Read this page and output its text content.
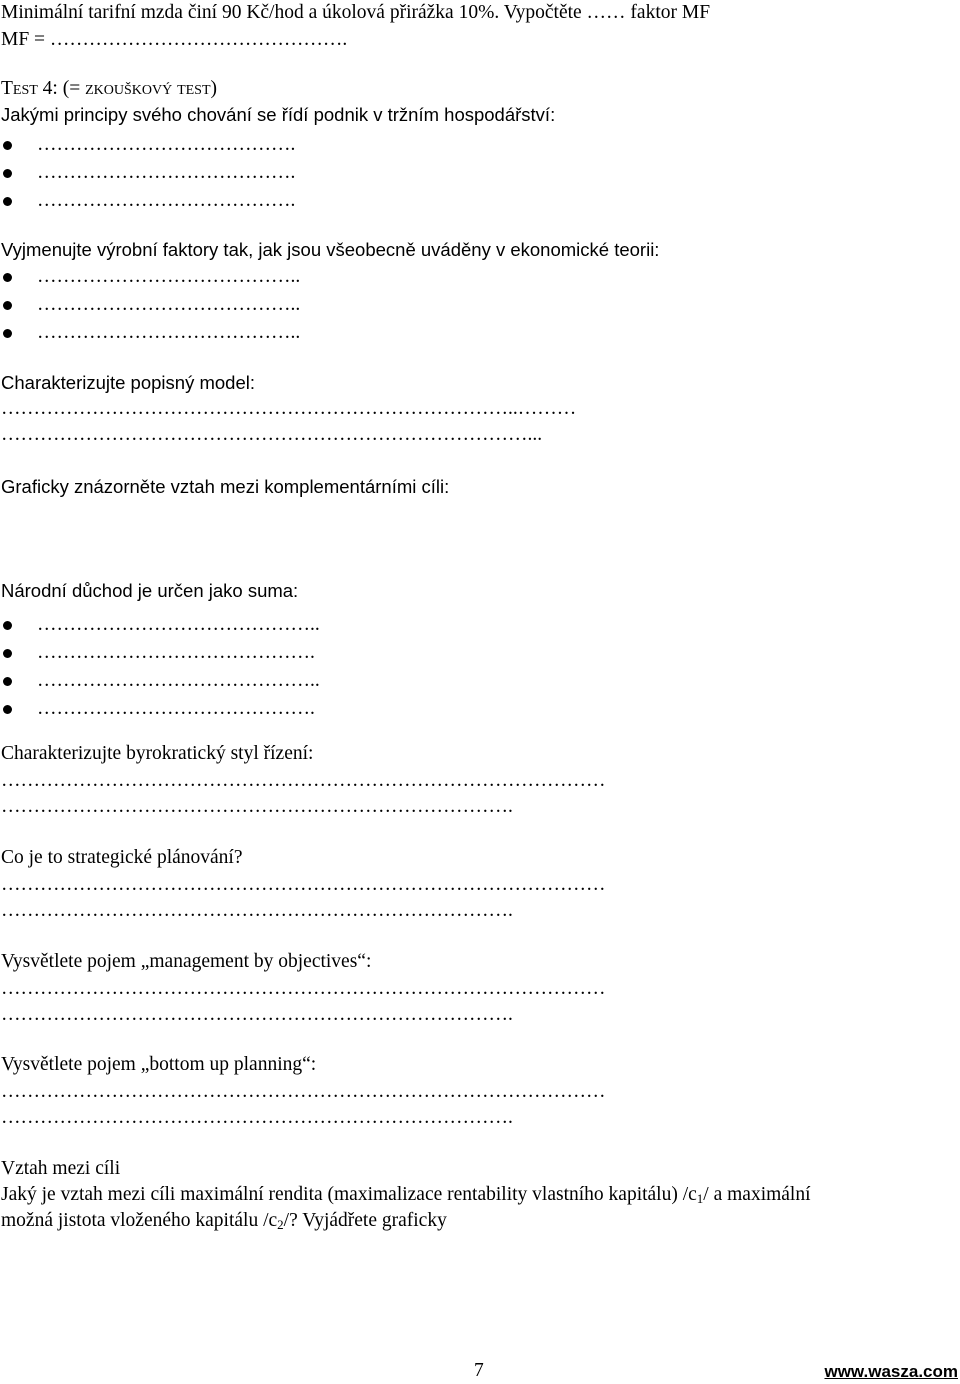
Minimální tarifní mzda činí 90 Kč/hod a úkolová přirážka 10%. Vypočtěte …… faktor MF
MF = ……………………………………….
Test 4: (= zkouškový test)
Jakými principy svého chování se řídí podnik v tržním hospodářství:
………………………………….
………………………………….
………………………………….
Vyjmenujte výrobní faktory tak, jak jsou všeobecně uváděny v ekonomické teorii:
…………………………………..
…………………………………..
…………………………………..
Charakterizujte popisný model:
……………………………………………………………………..………
………………………………………………………………………...
Graficky znázorněte vztah mezi komplementárními cíli:
Národní důchod je určen jako suma:
……………………………………..
…………………………………….
……………………………………..
…………………………………….
Charakterizujte byrokratický styl řízení:
…………………………………………………………………………………
…………………………………………………………………….
Co je to strategické plánování?
…………………………………………………………………………………
…………………………………………………………………….
Vysvětlete pojem „management by objectives“:
…………………………………………………………………………………
…………………………………………………………………….
Vysvětlete pojem „bottom up planning“:
…………………………………………………………………………………
…………………………………………………………………….
Vztah mezi cíli
Jaký je vztah mezi cíli maximální rendita (maximalizace rentability vlastního kapitálu) $/c_1/$ a maximální
možná jistota vloženého kapitálu $/c_2/$? Vyjádřete graficky
7	www.wasza.com
